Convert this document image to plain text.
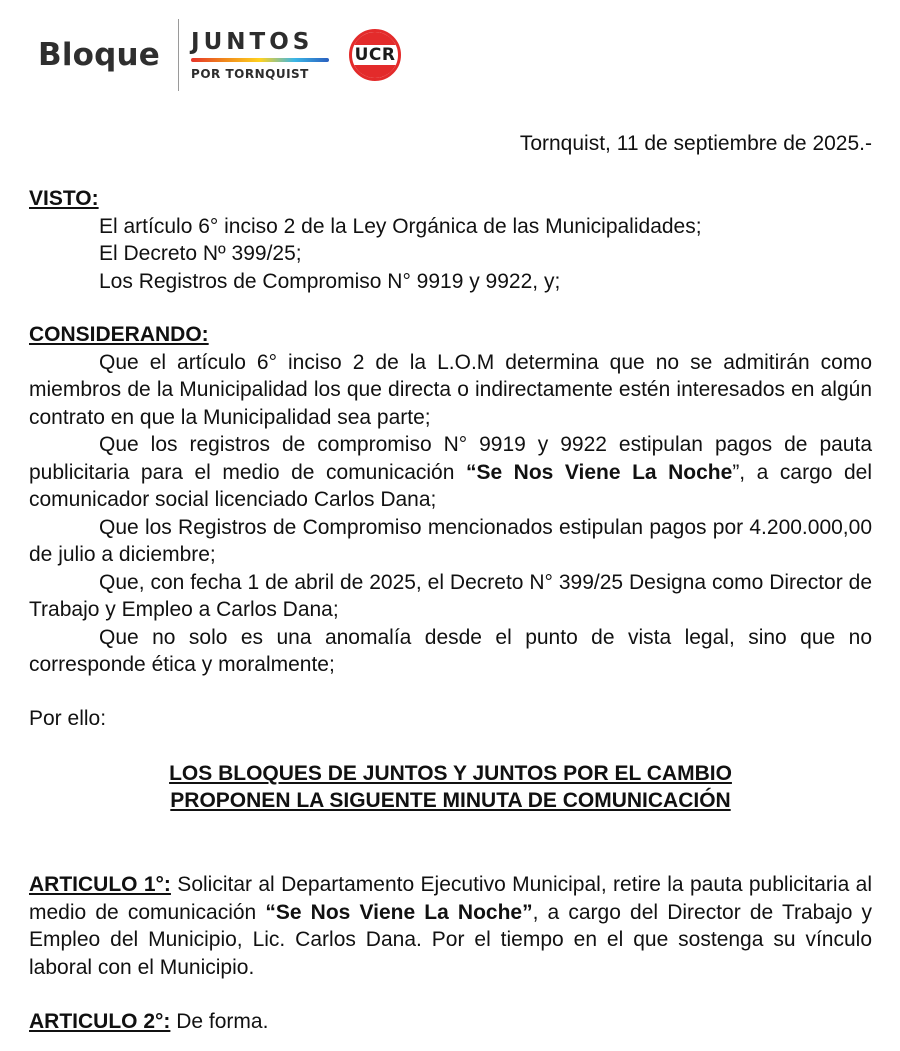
Bloque JUNTOS
POR TORNQUIST
UCR
Tornquist, 11 de septiembre de 2025.-
VISTO:
El artículo 6° inciso 2 de la Ley Orgánica de las Municipalidades;
El Decreto Nº 399/25;
Los Registros de Compromiso N° 9919 y 9922, y;
CONSIDERANDO:
Que el artículo 6° inciso 2 de la L.O.M determina que no se admitirán como miembros de la Municipalidad los que directa o indirectamente estén interesados en algún contrato en que la Municipalidad sea parte;
Que los registros de compromiso N° 9919 y 9922 estipulan pagos de pauta publicitaria para el medio de comunicación “Se Nos Viene La Noche”, a cargo del comunicador social licenciado Carlos Dana;
Que los Registros de Compromiso mencionados estipulan pagos por 4.200.000,00 de julio a diciembre;
Que, con fecha 1 de abril de 2025, el Decreto N° 399/25 Designa como Director de Trabajo y Empleo a Carlos Dana;
Que no solo es una anomalía desde el punto de vista legal, sino que no corresponde ética y moralmente;
Por ello:
LOS BLOQUES DE JUNTOS Y JUNTOS POR EL CAMBIO
PROPONEN LA SIGUENTE MINUTA DE COMUNICACIÓN
ARTICULO 1°: Solicitar al Departamento Ejecutivo Municipal, retire la pauta publicitaria al medio de comunicación “Se Nos Viene La Noche”, a cargo del Director de Trabajo y Empleo del Municipio, Lic. Carlos Dana. Por el tiempo en el que sostenga su vínculo laboral con el Municipio.
ARTICULO 2°: De forma.
